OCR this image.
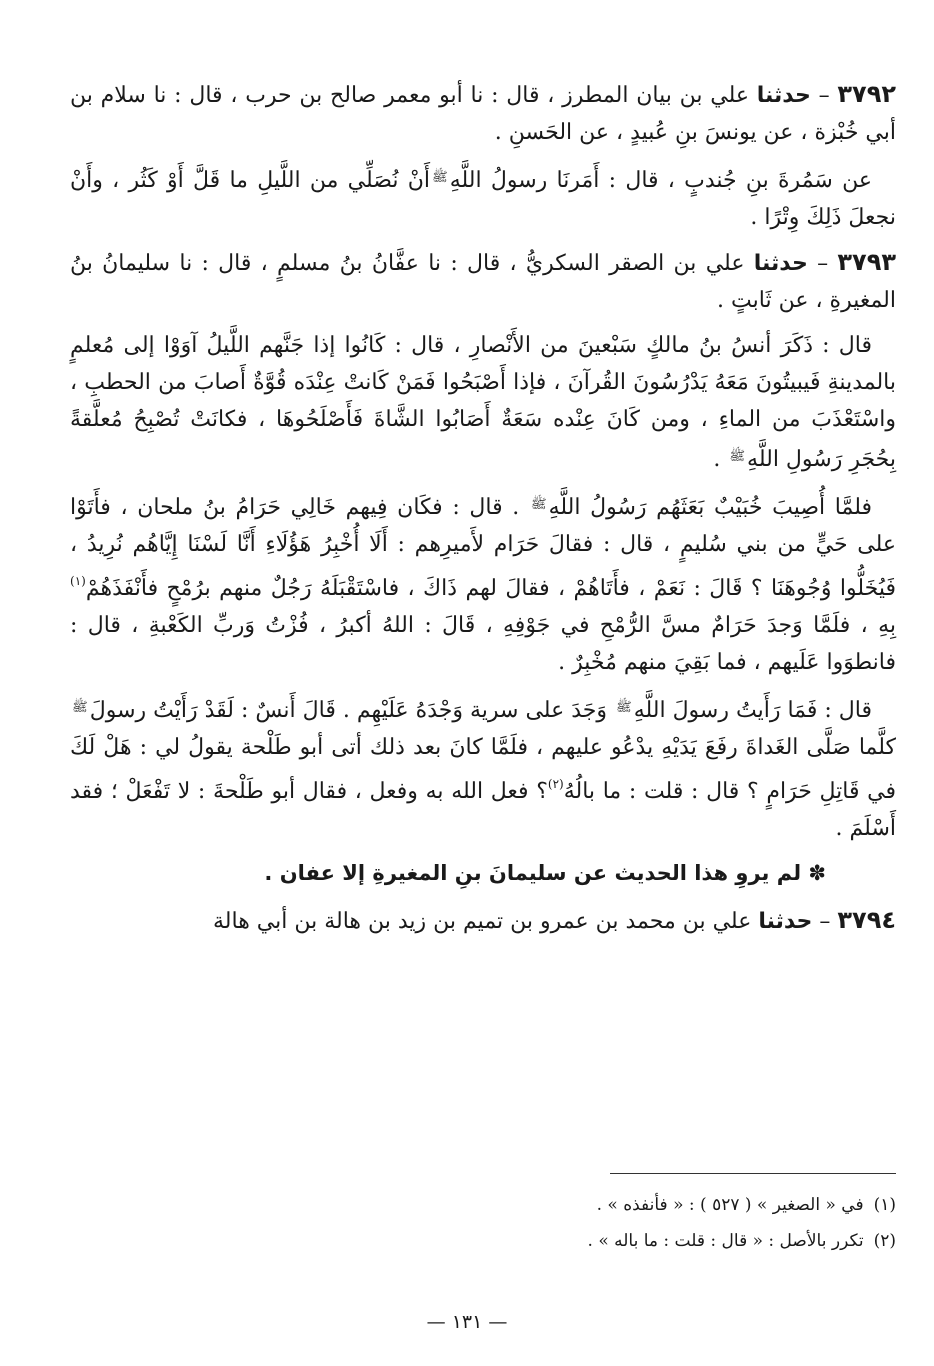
٣٧٩٢ – حدثنا علي بن بيان المطرز ، قال : نا أبو معمر صالح بن حرب ، قال : نا سلام بن أبي خُبْزة ، عن يونسَ بنِ عُبيدٍ ، عن الحَسنِ .

عن سَمُرةَ بنِ جُندبٍ ، قال : أَمَرنَا رسولُ اللَّهِ$^ﷺ$أَنْ نُصَلِّي من اللَّيلِ ما قَلَّ أَوْ كَثُر ، وأَنْ نجعلَ ذَلِكَ وِتْرًا .

٣٧٩٣ – حدثنا علي بن الصقر السكريُّ ، قال : نا عفَّانُ بنُ مسلمٍ ، قال : نا سليمانُ بنُ المغيرةِ ، عن ثَابتٍ .

قال : ذَكَرَ أنسُ بنُ مالكٍ سَبْعينَ من الأَنْصارِ ، قال : كَانُوا إذا جَنَّهم اللَّيلُ آوَوْا إلى مُعلمٍ بالمدينةِ فَيبيتُونَ مَعَهُ يَدْرُسُونَ القُرآنَ ، فإذا أَصْبَحُوا فَمَنْ كَانتْ عِنْدَه قُوَّةٌ أَصابَ من الحطبِ ، واسْتَعْذَبَ من الماءِ ، ومن كَانَ عِنْده سَعَةٌ أَصَابُوا الشَّاةَ فَأَصْلَحُوهَا ، فكانَتْ تُصْبِحُ مُعلَّقةً بِحُجَرِ رَسُولِ اللَّهِ$^ﷺ$ .

فلمَّا أُصِيبَ خُبَيْبٌ بَعَثَهُم رَسُولُ اللَّهِ$^ﷺ$ . قال : فكَان فِيهم خَالِي حَرَامُ بنُ ملحان ، فأَتَوْا على حَيٍّ من بني سُليمٍ ، قال : فقالَ حَرَام لأَميرِهم : أَلَا أُخْبِرُ هَؤُلَاءِ أَنَّا لَسْنَا إِيَّاهُم نُرِيدُ ، فَيُخَلُّوا وُجُوهَنَا ؟ قَالَ : نَعَمْ ، فأَتَاهُمْ ، فقالَ لهم ذَاكَ ، فاسْتَقْبَلَهُ رَجُلٌ منهم برُمْحٍ فأَنْفَذَهُمْ$^{(١)}$ بِهِ ، فلَمَّا وَجدَ حَرَامٌ مسَّ الرُّمْحِ في جَوْفِهِ ، قَالَ : اللهُ أكبرُ ، فُزْتُ وَربِّ الكَعْبةِ ، قال : فانطوَوا عَلَيهم ، فما بَقِيَ منهم مُخْبِرٌ .

قال : فَمَا رَأَيتُ رسولَ اللَّهِ$^ﷺ$ وَجَدَ على سرية وَجْدَهُ عَلَيْهِم . قَالَ أَنسٌ : لَقَدْ رَأَيْتُ رسولَ$^ﷺ$ كلَّما صَلَّى الغَداةَ رفَعَ يَدَيْهِ يدْعُو عليهم ، فلَمَّا كانَ بعد ذلك أتى أبو طَلْحة يقولُ لي : هَلْ لَكَ في قَاتِلِ حَرَامٍ ؟ قال : قلت : ما بالُهُ$^{(٢)}$؟ فعل الله به وفعل ، فقال أبو طَلْحةَ : لا تَفْعَلْ ؛ فقد أَسْلَمَ .

✽ لم يروِ هذا الحديث عن سليمانَ بنِ المغيرةِ إلا عفان .

٣٧٩٤ – حدثنا علي بن محمد بن عمرو بن تميم بن زيد بن هالة بن أبي هالة

(١)في « الصغير » ( ٥٢٧ ) : « فأنفذه » .
(٢)تكرر بالأصل : « قال : قلت : ما باله » .
— ١٣١ —
